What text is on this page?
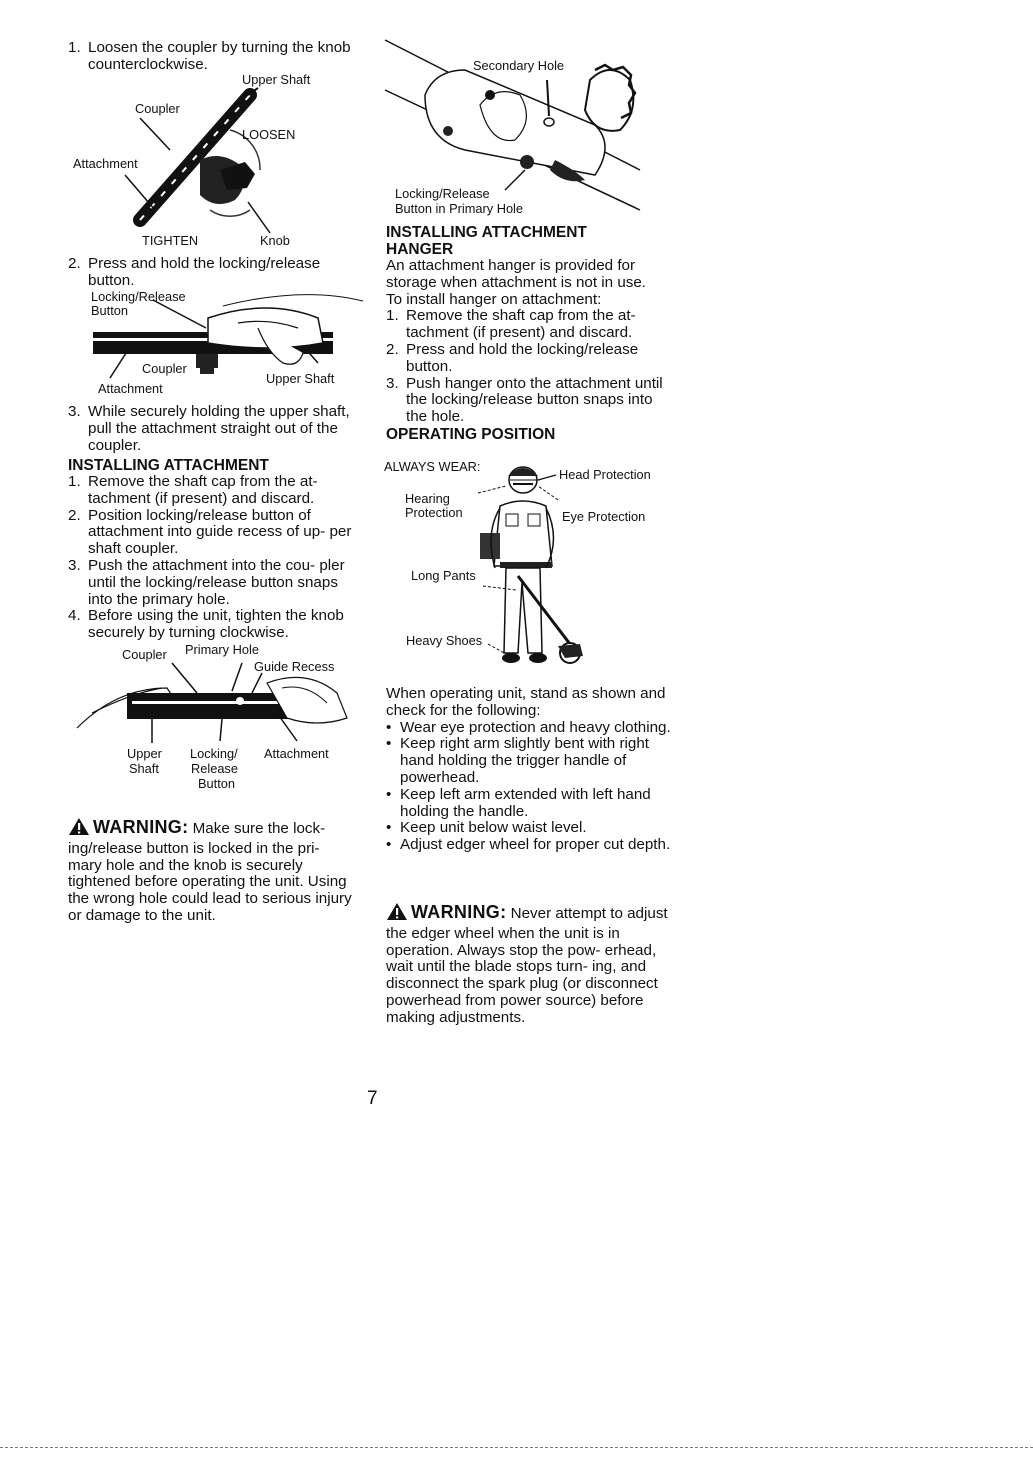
1. Loosen the coupler by turning the knob counterclockwise.
Upper Shaft
Coupler
LOOSEN
Attachment
TIGHTEN	Knob
2. Press and hold the locking/release button.
Locking/Release
Button
Coupler
Attachment
Upper Shaft
3. While securely holding the upper shaft, pull the attachment straight out of the coupler.

INSTALLING ATTACHMENT

1. Remove the shaft cap from the at- tachment (if present) and discard.
2. Position locking/release button of attachment into guide recess of up- per shaft coupler.
3. Push the attachment into the cou- pler until the locking/release button snaps into the primary hole.
4. Before using the unit, tighten the knob securely by turning clockwise.
Coupler Primary Hole
Guide Recess
Upper
Shaft
Locking/
Release
Button
Attachment

WARNING: Make sure the lock- ing/release button is locked in the pri- mary hole and the knob is securely tightened before operating the unit. Using the wrong hole could lead to serious injury or damage to the unit.

Secondary Hole
Locking/Release
Button in Primary Hole

INSTALLING ATTACHMENT

HANGER

An attachment hanger is provided for storage when attachment is not in use.

To install hanger on attachment:

1. Remove the shaft cap from the at- tachment (if present) and discard.
2. Press and hold the locking/release button.
3. Push hanger onto the attachment until the locking/release button snaps into the hole.

OPERATING POSITION

ALWAYS WEAR:
Head Protection
Hearing
Protection	Eye Protection
Long Pants
Heavy Shoes

When operating unit, stand as shown and check for the following:

• Wear eye protection and heavy clothing.
• Keep right arm slightly bent with right hand holding the trigger handle of powerhead.
• Keep left arm extended with left hand holding the handle.
• Keep unit below waist level.
• Adjust edger wheel for proper cut depth.

WARNING: Never attempt to adjust the edger wheel when the unit is in operation. Always stop the pow- erhead, wait until the blade stops turn- ing, and disconnect the spark plug (or disconnect powerhead from power source) before making adjustments.

7
